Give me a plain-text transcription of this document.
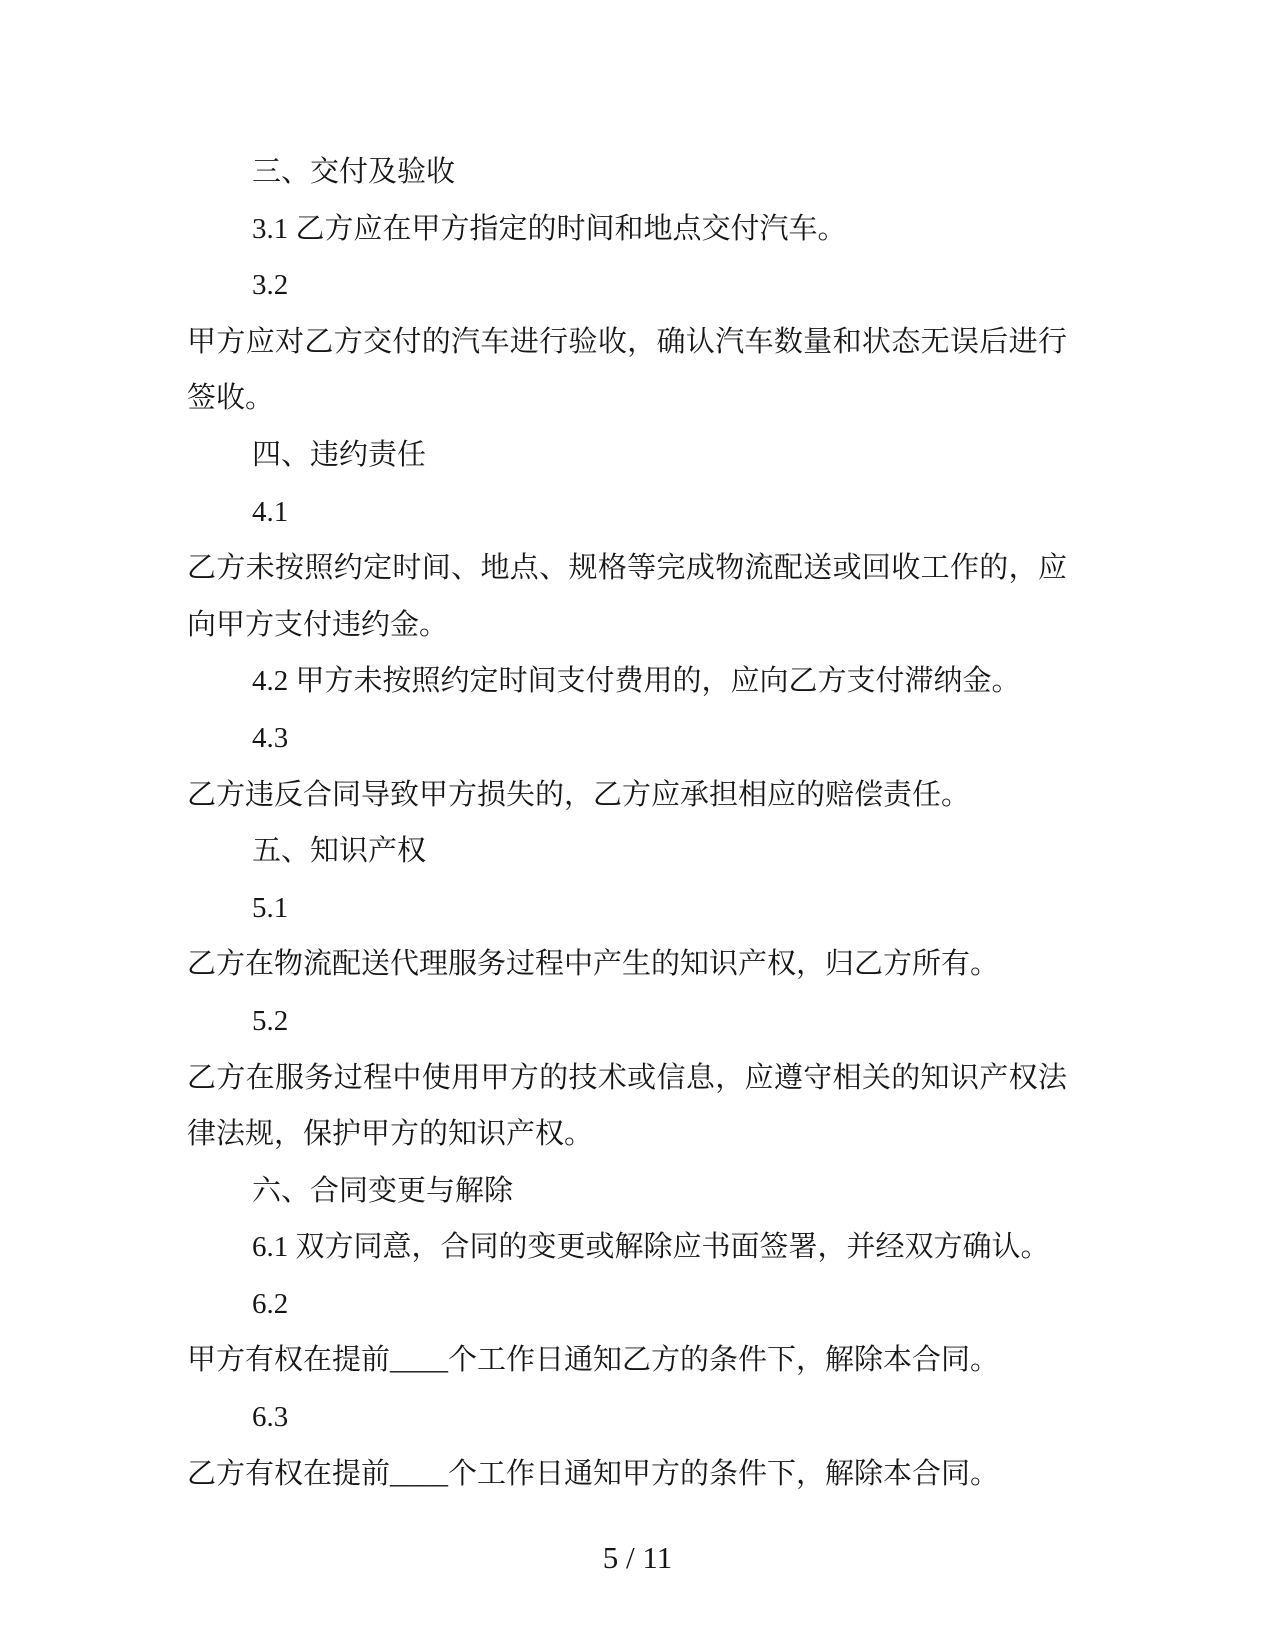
三、交付及验收

3.1 乙方应在甲方指定的时间和地点交付汽车。

3.2

甲方应对乙方交付的汽车进行验收，确认汽车数量和状态无误后进行签收。

四、违约责任

4.1

乙方未按照约定时间、地点、规格等完成物流配送或回收工作的，应向甲方支付违约金。

4.2 甲方未按照约定时间支付费用的，应向乙方支付滞纳金。

4.3

乙方违反合同导致甲方损失的，乙方应承担相应的赔偿责任。

五、知识产权

5.1

乙方在物流配送代理服务过程中产生的知识产权，归乙方所有。

5.2

乙方在服务过程中使用甲方的技术或信息，应遵守相关的知识产权法律法规，保护甲方的知识产权。

六、合同变更与解除

6.1 双方同意，合同的变更或解除应书面签署，并经双方确认。

6.2

甲方有权在提前____个工作日通知乙方的条件下，解除本合同。

6.3

乙方有权在提前____个工作日通知甲方的条件下，解除本合同。

5 / 11
